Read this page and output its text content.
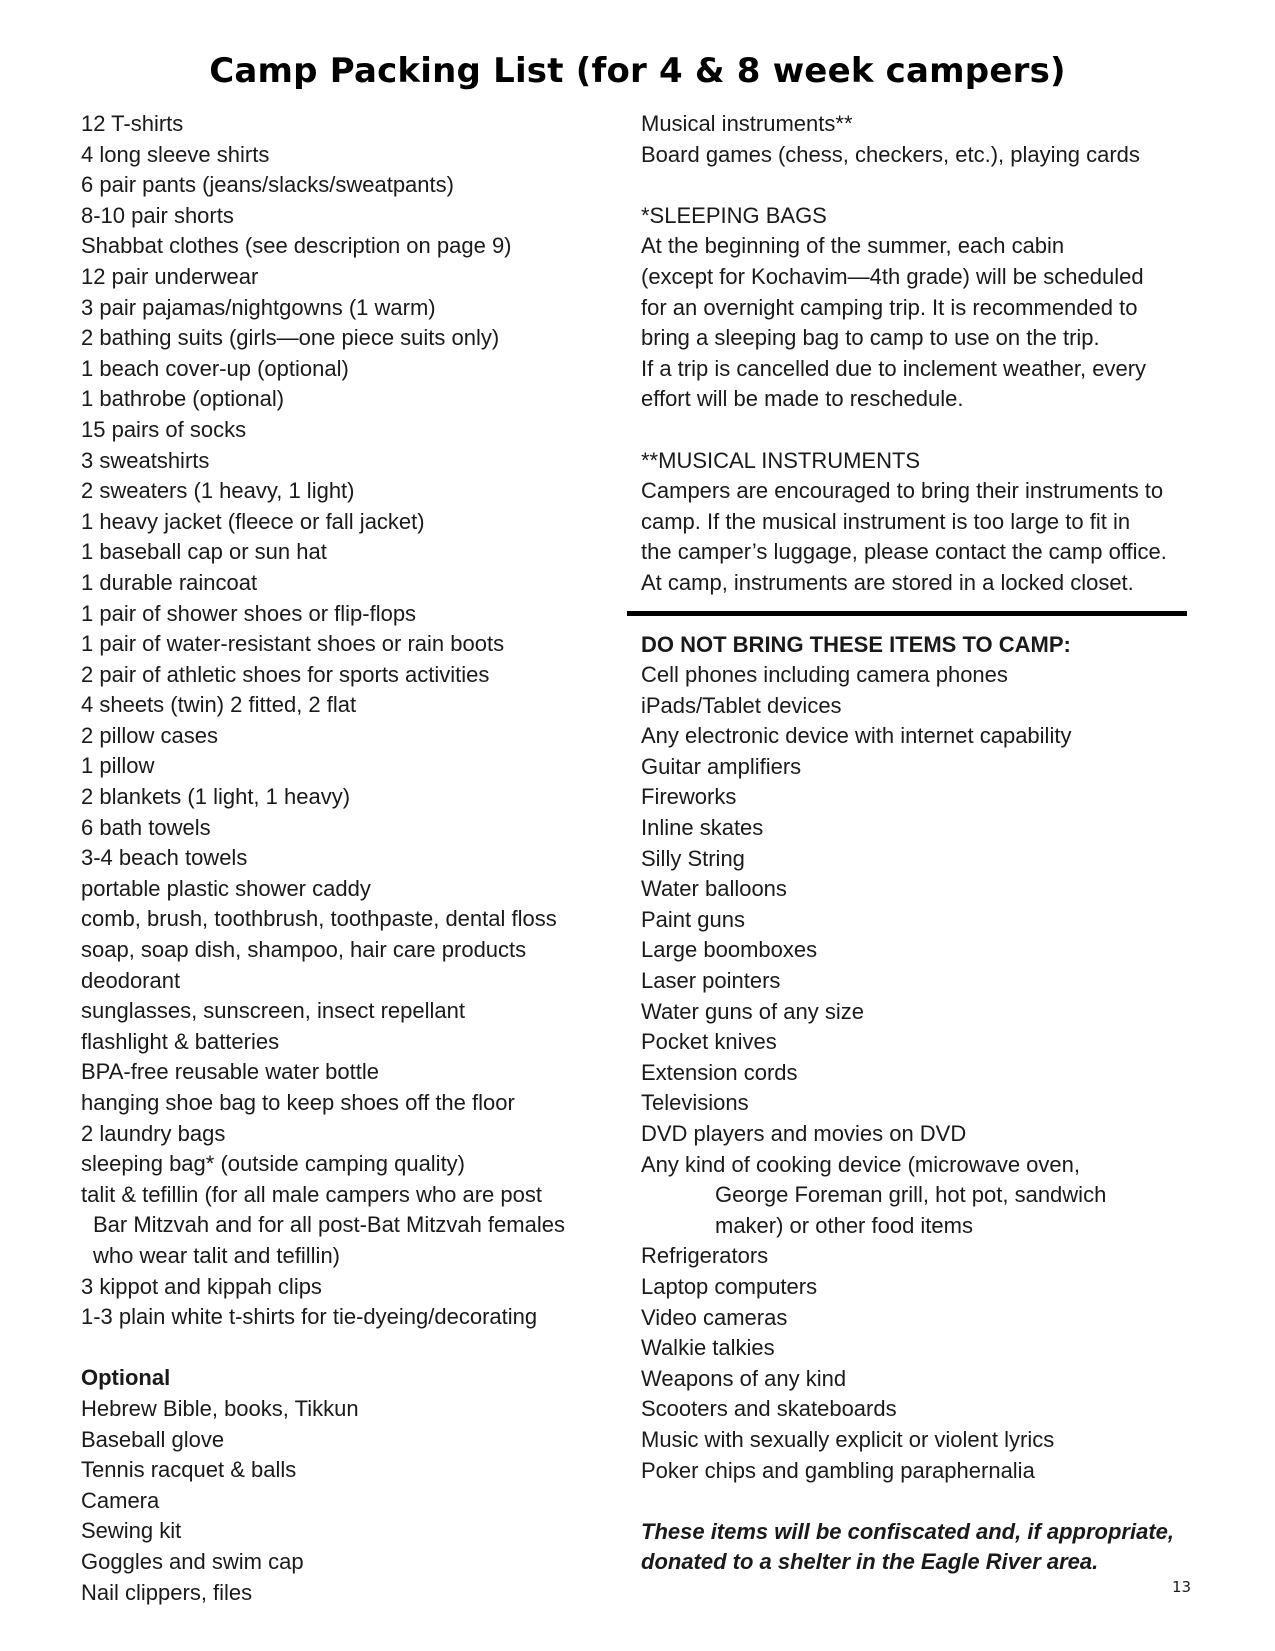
Camp Packing List (for 4 & 8 week campers)
12 T-shirts
4 long sleeve shirts
6 pair pants (jeans/slacks/sweatpants)
8-10 pair shorts
Shabbat clothes (see description on page 9)
12 pair underwear
3 pair pajamas/nightgowns (1 warm)
2 bathing suits (girls—one piece suits only)
1 beach cover-up (optional)
1 bathrobe (optional)
15 pairs of socks
3 sweatshirts
2 sweaters (1 heavy, 1 light)
1 heavy jacket (fleece or fall jacket)
1 baseball cap or sun hat
1 durable raincoat
1 pair of shower shoes or flip-flops
1 pair of water-resistant shoes or rain boots
2 pair of athletic shoes for sports activities
4 sheets (twin) 2 fitted, 2 flat
2 pillow cases
1 pillow
2 blankets (1 light, 1 heavy)
6 bath towels
3-4 beach towels
portable plastic shower caddy
comb, brush, toothbrush, toothpaste, dental floss
soap, soap dish, shampoo, hair care products
deodorant
sunglasses, sunscreen, insect repellant
flashlight & batteries
BPA-free reusable water bottle
hanging shoe bag to keep shoes off the floor
2 laundry bags
sleeping bag* (outside camping quality)
talit & tefillin (for all male campers who are post
Bar Mitzvah and for all post-Bat Mitzvah females
who wear talit and tefillin)
3 kippot and kippah clips
1-3 plain white t-shirts for tie-dyeing/decorating
Optional
Hebrew Bible, books, Tikkun
Baseball glove
Tennis racquet & balls
Camera
Sewing kit
Goggles and swim cap
Nail clippers, files
Musical instruments**
Board games (chess, checkers, etc.), playing cards
*SLEEPING BAGS
At the beginning of the summer, each cabin
(except for Kochavim—4th grade) will be scheduled
for an overnight camping trip. It is recommended to
bring a sleeping bag to camp to use on the trip.
If a trip is cancelled due to inclement weather, every
effort will be made to reschedule.
**MUSICAL INSTRUMENTS
Campers are encouraged to bring their instruments to
camp. If the musical instrument is too large to fit in
the camper’s luggage, please contact the camp office.
At camp, instruments are stored in a locked closet.
DO NOT BRING THESE ITEMS TO CAMP:
Cell phones including camera phones
iPads/Tablet devices
Any electronic device with internet capability
Guitar amplifiers
Fireworks
Inline skates
Silly String
Water balloons
Paint guns
Large boomboxes
Laser pointers
Water guns of any size
Pocket knives
Extension cords
Televisions
DVD players and movies on DVD
Any kind of cooking device (microwave oven,
George Foreman grill, hot pot, sandwich
maker) or other food items
Refrigerators
Laptop computers
Video cameras
Walkie talkies
Weapons of any kind
Scooters and skateboards
Music with sexually explicit or violent lyrics
Poker chips and gambling paraphernalia
These items will be confiscated and, if appropriate,
donated to a shelter in the Eagle River area.
13
